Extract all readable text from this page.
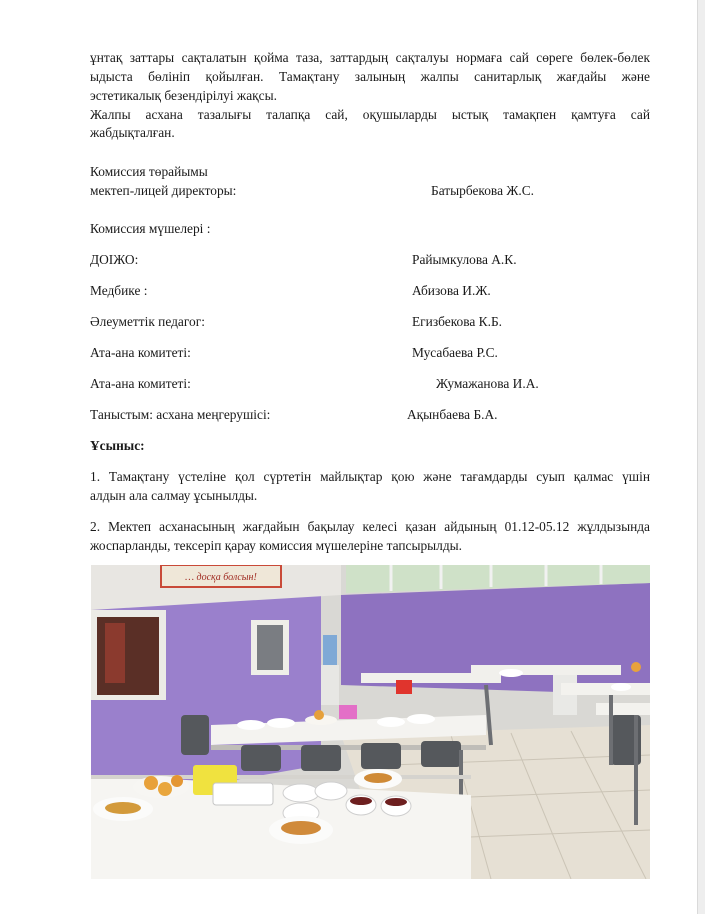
ұнтақ заттары сақталатын қойма таза, заттардың сақталуы нормаға сай сөреге бөлек-бөлек
ыдыста бөлініп қойылған. Тамақтану залының жалпы санитарлық жағдайы және
эстетикалық безендірілуі жақсы.
Жалпы асхана тазалығы талапқа сай, оқушыларды ыстық тамақпен қамтуға сай
жабдықталған.
Комиссия төрайымы
мектеп-лицей директоры:	Батырбекова Ж.С.
Комиссия мүшелері :
ДОІЖО:	Райымкулова А.К.
Медбике :	Абизова И.Ж.
Әлеуметтік педагог:	Егизбекова К.Б.
Ата-ана комитеті:	Мусабаева Р.С.
Ата-ана комитеті:	Жумажанова И.А.
Таныстым: асхана меңгерушісі:	Ақынбаева Б.А.
Ұсыныс:
1. Тамақтану үстеліне қол сүртетін майлықтар қою және тағамдарды суып қалмас үшін
алдын ала салмау ұсынылды.
2. Мектеп асханасының жағдайын бақылау келесі қазан айдының 01.12-05.12 жұлдызында
жоспарланды, тексеріп қарау комиссия мүшелеріне тапсырылды.
… досқа болсын!
